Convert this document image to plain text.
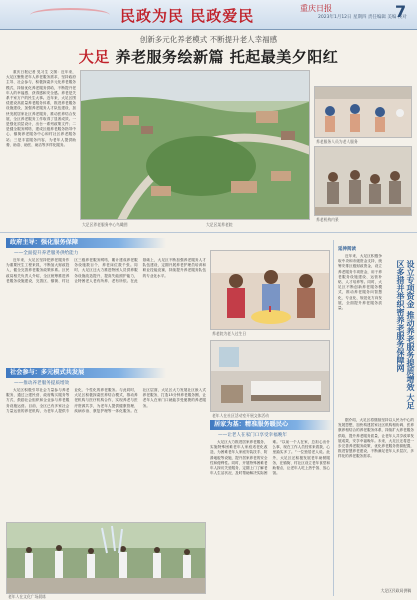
民政为民 民政爱民	重庆日报
2023年1月12日 星期四 责任编辑 美编 校对
7
创新多元化养老模式 不断提升老人幸福感
大足 养老服务绘新篇 托起最美夕阳红

重庆日报记者 见习生 文图：近年来，大足区聚焦老年人养老服务需求，坚持政府主导、社会参与，积极探索多元化养老服务模式，持续优化养老服务供给，不断提升老年人的幸福感、获得感和安全感。养老是关系千家万户的民生大事。近年来，大足区围绕建设高质量养老服务体系，推进养老服务设施建设，加强养老服务人才队伍建设，加快发展居家社区养老服务，推动医养结合发展，全区养老服务工作取得了显著成效。一是强化顶层设计，出台一系列政策文件；二是健全服务网络，建成区级养老服务指导中心、镇街养老服务中心和村社区养老服务站；三是丰富服务内容，为老年人提供助餐、助浴、助医、助洁等多样化服务。

大足区养老服务中心鸟瞰图	大足区某养老院
养老服务人员为老人服务
养老机构内景
政府主导：强化服务保障
——全面提升养老服务供给能力

近年来，大足区坚持把养老服务作为重要民生工程来抓，不断加大财政投入，健全完善养老服务政策体系。区民政局相关负责人介绍，全区统筹推进养老服务设施建设，完善区、镇街、村社区三级养老服务网络，累计建成养老服务设施数百个，养老床位数千张。同时，大足区还大力推进特困人员供养服务设施改造提升，提高失能照护能力，让特困老人老有所养、老有所依。在此基础上，大足区不断加强养老服务人才队伍建设，定期开展养老护理员培训和职业技能竞赛，持续提升养老服务队伍的专业化水平。

养老院为老人过生日
社会参与：多元模式共发展
——推动养老服务提质增效

大足区积极引导社会力量参与养老服务，通过公建民营、政府购买服务等方式，鼓励社会组织和企业参与养老服务设施运营。目前，全区已有多家社会力量运营的养老机构，为老年人提供专业化、个性化的养老服务。与此同时，大足区积极探索医养结合模式，推动养老机构与医疗机构合作，实现养老与医疗资源共享，为老年人提供健康管理、疾病诊治、康复护理等一体化服务。在社区层面，大足区大力发展社区嵌入式养老服务，打造15分钟养老服务圈，让老年人在家门口就能享受便捷的养老服务。

老年人在社区活动室开展文体活动
居家为基：精准服务暖民心
——让老人在家门口享受幸福晚年

大足区大力推进居家养老服务，实施特殊困难老年人家庭适老化改造，为困难老年人家庭安装扶手、防滑地板等设施，提升居家养老的安全性和便利性。同时，开展特殊困难老年人探访关爱服务，定期上门了解老年人生活状况，及时帮助解决实际困难。“以前一个人在家，总担心出什么事，现在工作人员经常来看我，心里踏实多了。”一位独居老人说。此外，大足区还积极发展老年助餐服务，在镇街、村社区设立老年食堂和助餐点，让老年人吃上热乎饭、放心饭。

老年人在文化广场晨练
延伸阅读

近年来，大足区积极争取中央和市级资金支持，统筹安排区级财政资金，设立养老服务专项资金，用于养老服务设施建设、运营补贴、人才培养等。同时，大足区不断创新养老服务模式，推动养老服务向智慧化、专业化、规范化方向发展，全面提升养老服务质量。	设立专项资金 推动养老服务提质增效 大足区多措并举织密养老服务保障网

据介绍，大足区将继续坚持以人民为中心的发展思想，加快构建居家社区机构相协调、医养康养相结合的养老服务体系，持续扩大养老服务供给，提升养老服务质量，让老年人共享改革发展成果，安享幸福晚年。未来，大足区还将进一步完善养老服务政策，优化养老服务资源配置，推进智慧养老建设，不断满足老年人多层次、多样化的养老服务需求。

大足区民政局供稿
